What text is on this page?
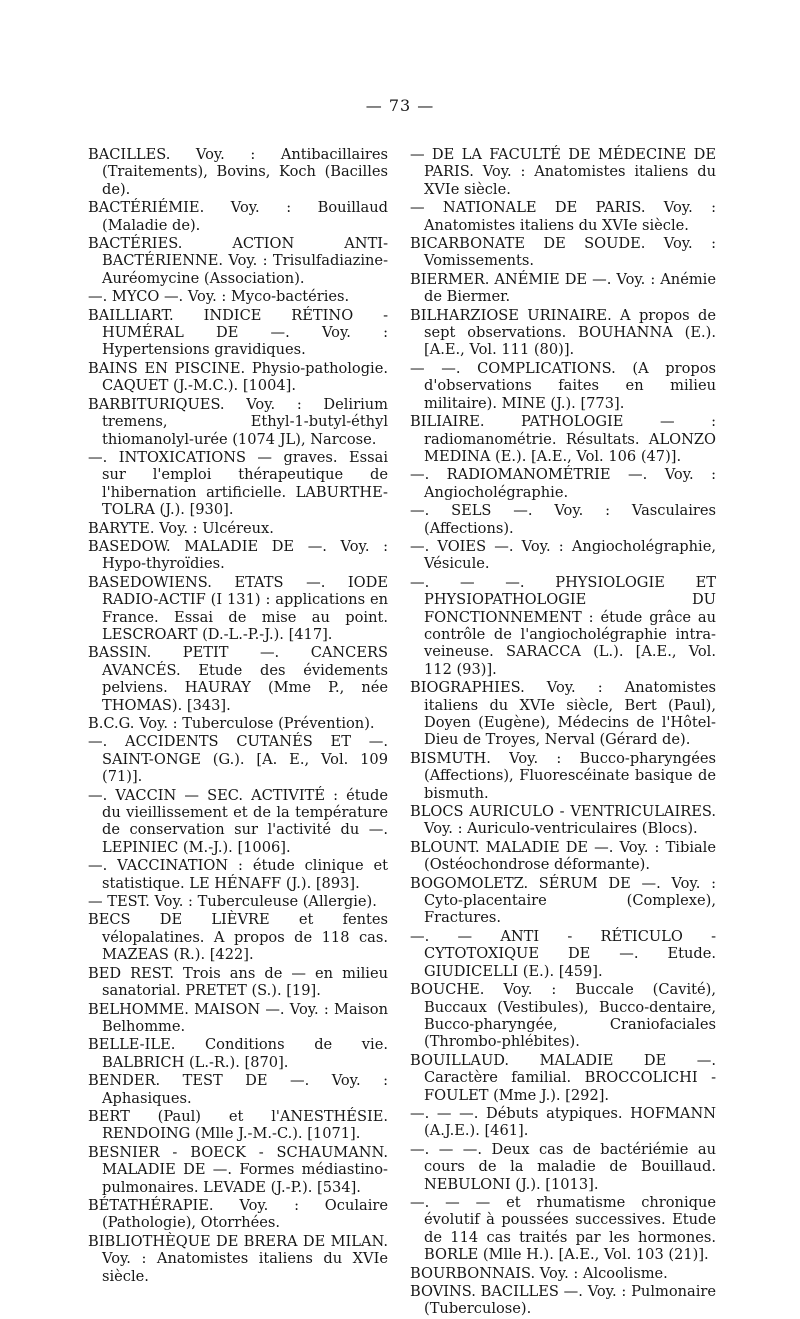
— 73 —

BACILLES. Voy. : Antibacillaires (Traitements), Bovins, Koch (Bacilles de).

BACTÉRIÉMIE. Voy. : Bouillaud (Maladie de).

BACTÉRIES. ACTION ANTI-BACTÉRIENNE. Voy. : Trisulfadiazine-Auréomycine (Association).

—. MYCO —. Voy. : Myco-bactéries.

BAILLIART. INDICE RÉTINO - HUMÉRAL DE —. Voy. : Hypertensions gravidiques.

BAINS EN PISCINE. Physio-pathologie. CAQUET (J.-M.C.). [1004].

BARBITURIQUES. Voy. : Delirium tremens, Ethyl-1-butyl-éthyl thiomanolyl-urée (1074 JL), Narcose.

—. INTOXICATIONS — graves. Essai sur l'emploi thérapeutique de l'hibernation artificielle. LABURTHE-TOLRA (J.). [930].

BARYTE. Voy. : Ulcéreux.

BASEDOW. MALADIE DE —. Voy. : Hypo-thyroïdies.

BASEDOWIENS. ETATS —. IODE RADIO-ACTIF (I 131) : applications en France. Essai de mise au point. LESCROART (D.-L.-P.-J.). [417].

BASSIN. PETIT —. CANCERS AVANCÉS. Etude des évidements pelviens. HAURAY (Mme P., née THOMAS). [343].

B.C.G. Voy. : Tuberculose (Prévention).

—. ACCIDENTS CUTANÉS ET —. SAINT-ONGE (G.). [A. E., Vol. 109 (71)].

—. VACCIN — SEC. ACTIVITÉ : étude du vieillissement et de la température de conservation sur l'activité du —. LEPINIEC (M.-J.). [1006].

—. VACCINATION : étude clinique et statistique. LE HÉNAFF (J.). [893].

— TEST. Voy. : Tuberculeuse (Allergie).

BECS DE LIÈVRE et fentes vélopalatines. A propos de 118 cas. MAZEAS (R.). [422].

BED REST. Trois ans de — en milieu sanatorial. PRETET (S.). [19].

BELHOMME. MAISON —. Voy. : Maison Belhomme.

BELLE-ILE. Conditions de vie. BALBRICH (L.-R.). [870].

BENDER. TEST DE —. Voy. : Aphasiques.

BERT (Paul) et l'ANESTHÉSIE. RENDOING (Mlle J.-M.-C.). [1071].

BESNIER - BOECK - SCHAUMANN. MALADIE DE —. Formes médiastino-pulmonaires. LEVADE (J.-P.). [534].

BÉTATHÉRAPIE. Voy. : Oculaire (Pathologie), Otorrhées.

BIBLIOTHÈQUE DE BRERA DE MILAN. Voy. : Anatomistes italiens du XVIe siècle.

— DE LA FACULTÉ DE MÉDECINE DE PARIS. Voy. : Anatomistes italiens du XVIe siècle.

— NATIONALE DE PARIS. Voy. : Anatomistes italiens du XVIe siècle.

BICARBONATE DE SOUDE. Voy. : Vomissements.

BIERMER. ANÉMIE DE —. Voy. : Anémie de Biermer.

BILHARZIOSE URINAIRE. A propos de sept observations. BOUHANNA (E.). [A.E., Vol. 111 (80)].

— —. COMPLICATIONS. (A propos d'observations faites en milieu militaire). MINE (J.). [773].

BILIAIRE. PATHOLOGIE — : radiomanométrie. Résultats. ALONZO MEDINA (E.). [A.E., Vol. 106 (47)].

—. RADIOMANOMÉTRIE —. Voy. : Angiocholégraphie.

—. SELS —. Voy. : Vasculaires (Affections).

—. VOIES —. Voy. : Angiocholégraphie, Vésicule.

—. — —. PHYSIOLOGIE ET PHYSIOPATHOLOGIE DU FONCTIONNEMENT : étude grâce au contrôle de l'angiocholégraphie intra-veineuse. SARACCA (L.). [A.E., Vol. 112 (93)].

BIOGRAPHIES. Voy. : Anatomistes italiens du XVIe siècle, Bert (Paul), Doyen (Eugène), Médecins de l'Hôtel-Dieu de Troyes, Nerval (Gérard de).

BISMUTH. Voy. : Bucco-pharyngées (Affections), Fluorescéinate basique de bismuth.

BLOCS AURICULO - VENTRICULAIRES. Voy. : Auriculo-ventriculaires (Blocs).

BLOUNT. MALADIE DE —. Voy. : Tibiale (Ostéochondrose déformante).

BOGOMOLETZ. SÉRUM DE —. Voy. : Cyto-placentaire (Complexe), Fractures.

—. — ANTI - RÉTICULO - CYTOTOXIQUE DE —. Etude. GIUDICELLI (E.). [459].

BOUCHE. Voy. : Buccale (Cavité), Buccaux (Vestibules), Bucco-dentaire, Bucco-pharyngée, Craniofaciales (Thrombo-phlébites).

BOUILLAUD. MALADIE DE —. Caractère familial. BROCCOLICHI - FOULET (Mme J.). [292].

—. — —. Débuts atypiques. HOFMANN (A.J.E.). [461].

—. — —. Deux cas de bactériémie au cours de la maladie de Bouillaud. NEBULONI (J.). [1013].

—. — — et rhumatisme chronique évolutif à poussées successives. Etude de 114 cas traités par les hormones. BORLE (Mlle H.). [A.E., Vol. 103 (21)].

BOURBONNAIS. Voy. : Alcoolisme.

BOVINS. BACILLES —. Voy. : Pulmonaire (Tuberculose).
